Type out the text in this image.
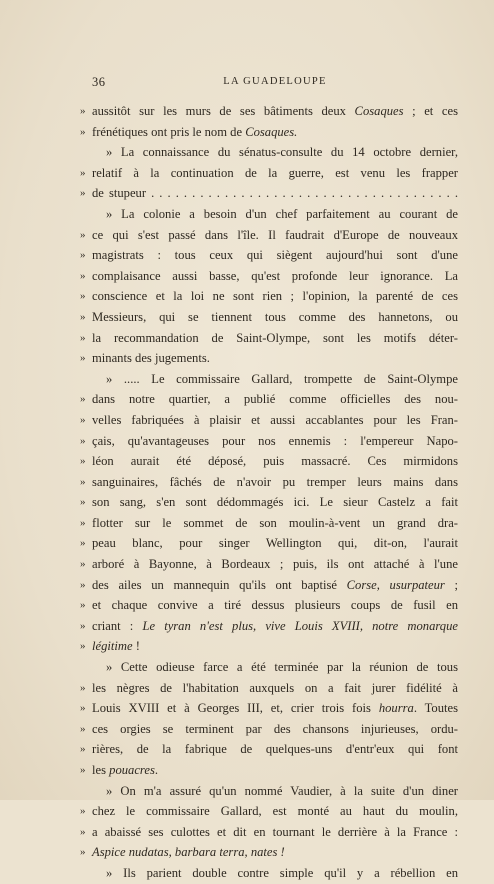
36	LA GUADELOUPE
» aussitôt sur les murs de ses bâtiments deux Cosaques ; et ces
» frénétiques ont pris le nom de Cosaques.
» La connaissance du sénatus-consulte du 14 octobre dernier,
» relatif à la continuation de la guerre, est venu les frapper
» de stupeur . . . . . . . . . . . . . . . . . . . . . . . . . . . . . . . . . . . . . .
» La colonie a besoin d'un chef parfaitement au courant de
» ce qui s'est passé dans l'île. Il faudrait d'Europe de nouveaux
» magistrats : tous ceux qui siègent aujourd'hui sont d'une
» complaisance aussi basse, qu'est profonde leur ignorance. La
» conscience et la loi ne sont rien ; l'opinion, la parenté de ces
» Messieurs, qui se tiennent tous comme des hannetons, ou
» la recommandation de Saint-Olympe, sont les motifs déter-
» minants des jugements.
» ..... Le commissaire Gallard, trompette de Saint-Olympe
» dans notre quartier, a publié comme officielles des nou-
» velles fabriquées à plaisir et aussi accablantes pour les Fran-
» çais, qu'avantageuses pour nos ennemis : l'empereur Napo-
» léon aurait été déposé, puis massacré. Ces mirmidons
» sanguinaires, fâchés de n'avoir pu tremper leurs mains dans
» son sang, s'en sont dédommagés ici. Le sieur Castelz a fait
» flotter sur le sommet de son moulin-à-vent un grand dra-
» peau blanc, pour singer Wellington qui, dit-on, l'aurait
» arboré à Bayonne, à Bordeaux ; puis, ils ont attaché à l'une
» des ailes un mannequin qu'ils ont baptisé Corse, usurpateur ;
» et chaque convive a tiré dessus plusieurs coups de fusil en
» criant : Le tyran n'est plus, vive Louis XVIII, notre monarque
» légitime !
» Cette odieuse farce a été terminée par la réunion de tous
» les nègres de l'habitation auxquels on a fait jurer fidélité à
» Louis XVIII et à Georges III, et, crier trois fois hourra. Toutes
» ces orgies se terminent par des chansons injurieuses, ordu-
» rières, de la fabrique de quelques-uns d'entr'eux qui font
» les pouacres.
» On m'a assuré qu'un nommé Vaudier, à la suite d'un diner
» chez le commissaire Gallard, est monté au haut du moulin,
» a abaissé ses culottes et dit en tournant le derrière à la France :
» Aspice nudatas, barbara terra, nates !
» Ils parient double contre simple qu'il y a rébellion en
